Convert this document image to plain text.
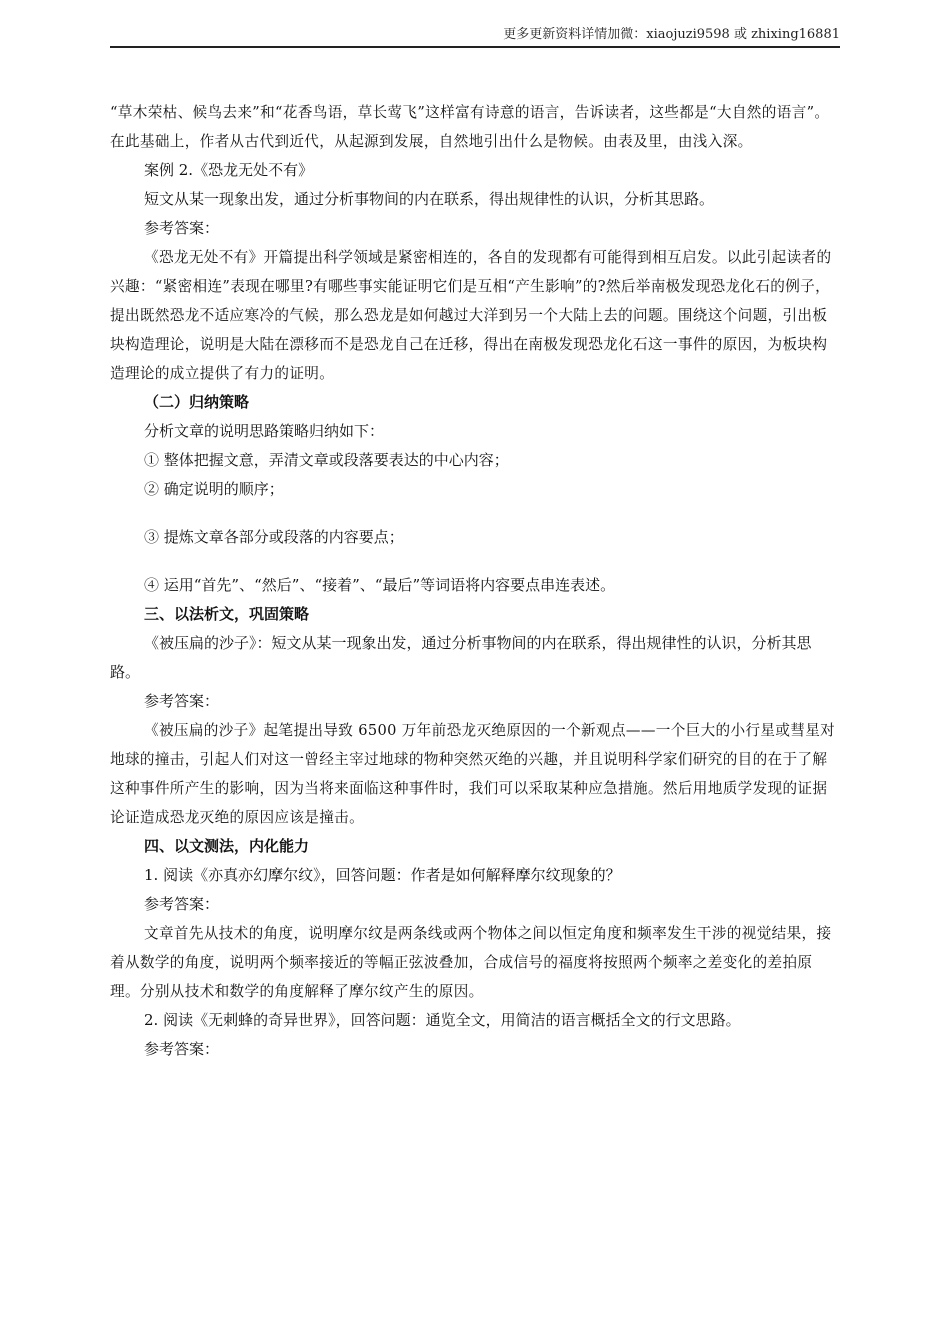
更多更新资料详情加微：xiaojuzi9598 或 zhixing16881

“草木荣枯、候鸟去来”和“花香鸟语，草长莺飞”这样富有诗意的语言，告诉读者，这些都是“大自然的语言”。在此基础上，作者从古代到近代，从起源到发展，自然地引出什么是物候。由表及里，由浅入深。

案例 2.《恐龙无处不有》

短文从某一现象出发，通过分析事物间的内在联系，得出规律性的认识，分析其思路。

参考答案：

《恐龙无处不有》开篇提出科学领域是紧密相连的，各自的发现都有可能得到相互启发。以此引起读者的兴趣：“紧密相连”表现在哪里?有哪些事实能证明它们是互相“产生影响”的?然后举南极发现恐龙化石的例子，提出既然恐龙不适应寒冷的气候，那么恐龙是如何越过大洋到另一个大陆上去的问题。围绕这个问题，引出板块构造理论，说明是大陆在漂移而不是恐龙自己在迁移，得出在南极发现恐龙化石这一事件的原因，为板块构造理论的成立提供了有力的证明。

（二）归纳策略

分析文章的说明思路策略归纳如下：

① 整体把握文意，弄清文章或段落要表达的中心内容；

② 确定说明的顺序；

③ 提炼文章各部分或段落的内容要点；

④ 运用“首先”、“然后”、“接着”、“最后”等词语将内容要点串连表述。

三、以法析文，巩固策略

《被压扁的沙子》：短文从某一现象出发，通过分析事物间的内在联系，得出规律性的认识，分析其思路。

参考答案：

《被压扁的沙子》起笔提出导致 6500 万年前恐龙灭绝原因的一个新观点——一个巨大的小行星或彗星对地球的撞击，引起人们对这一曾经主宰过地球的物种突然灭绝的兴趣，并且说明科学家们研究的目的在于了解这种事件所产生的影响，因为当将来面临这种事件时，我们可以采取某种应急措施。然后用地质学发现的证据论证造成恐龙灭绝的原因应该是撞击。

四、以文测法，内化能力

1. 阅读《亦真亦幻摩尔纹》，回答问题：作者是如何解释摩尔纹现象的？

参考答案：

文章首先从技术的角度，说明摩尔纹是两条线或两个物体之间以恒定角度和频率发生干涉的视觉结果，接着从数学的角度，说明两个频率接近的等幅正弦波叠加，合成信号的福度将按照两个频率之差变化的差拍原理。分别从技术和数学的角度解释了摩尔纹产生的原因。

2. 阅读《无刺蜂的奇异世界》，回答问题：通览全文，用简洁的语言概括全文的行文思路。

参考答案：
